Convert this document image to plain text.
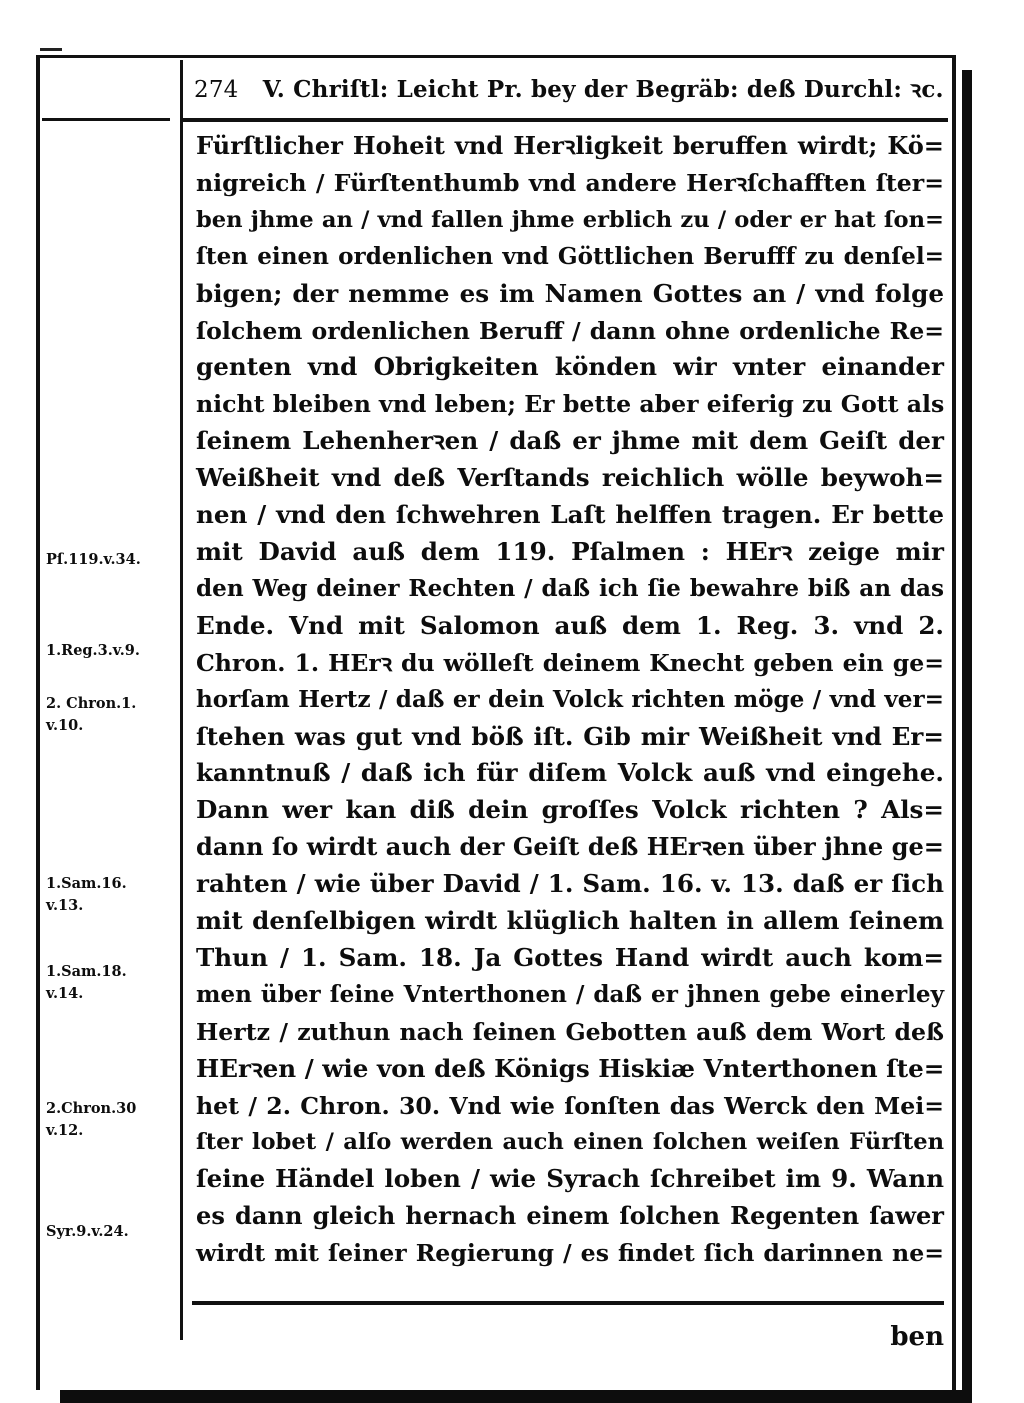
274 V. Chriſtl: Leicht Pr. bey der Begräb: deß Durchl: ꝛc.
Fürſtlicher Hoheit vnd Herꝛligkeit beruffen wirdt; Kö=
nigreich / Fürſtenthumb vnd andere Herꝛſchafften ſter=
ben jhme an / vnd fallen jhme erblich zu / oder er hat ſon=
ſten einen ordenlichen vnd Göttlichen Berufff zu denſel=
bigen; der nemme es im Namen Gottes an / vnd folge
ſolchem ordenlichen Beruff / dann ohne ordenliche Re=
genten vnd Obrigkeiten könden wir vnter einander
nicht bleiben vnd leben; Er bette aber eiferig zu Gott als
ſeinem Lehenherꝛen / daß er jhme mit dem Geiſt der
Weißheit vnd deß Verſtands reichlich wölle beywoh=
nen / vnd den ſchwehren Laſt helffen tragen. Er bette
mit David auß dem 119. Pſalmen : HErꝛ zeige mir
den Weg deiner Rechten / daß ich ſie bewahre biß an das
Ende. Vnd mit Salomon auß dem 1. Reg. 3. vnd 2.
Chron. 1. HErꝛ du wölleſt deinem Knecht geben ein ge=
horſam Hertz / daß er dein Volck richten möge / vnd ver=
ſtehen was gut vnd böß iſt. Gib mir Weißheit vnd Er=
kanntnuß / daß ich für diſem Volck auß vnd eingehe.
Dann wer kan diß dein groſſes Volck richten ? Als=
dann ſo wirdt auch der Geiſt deß HErꝛen über jhne ge=
rahten / wie über David / 1. Sam. 16. v. 13. daß er ſich
mit denſelbigen wirdt klüglich halten in allem ſeinem
Thun / 1. Sam. 18. Ja Gottes Hand wirdt auch kom=
men über ſeine Vnterthonen / daß er jhnen gebe einerley
Hertz / zuthun nach ſeinen Gebotten auß dem Wort deß
HErꝛen / wie von deß Königs Hiskiæ Vnterthonen ſte=
het / 2. Chron. 30. Vnd wie ſonſten das Werck den Mei=
ſter lobet / alſo werden auch einen ſolchen weiſen Fürſten
ſeine Händel loben / wie Syrach ſchreibet im 9. Wann
es dann gleich hernach einem ſolchen Regenten ſawer
wirdt mit ſeiner Regierung / es findet ſich darinnen ne=
Pſ.119.v.34.
1.Reg.3.v.9.
2. Chron.1.
v.10.
1.Sam.16.
v.13.
1.Sam.18.
v.14.
2.Chron.30
v.12.
Syr.9.v.24.
ben
